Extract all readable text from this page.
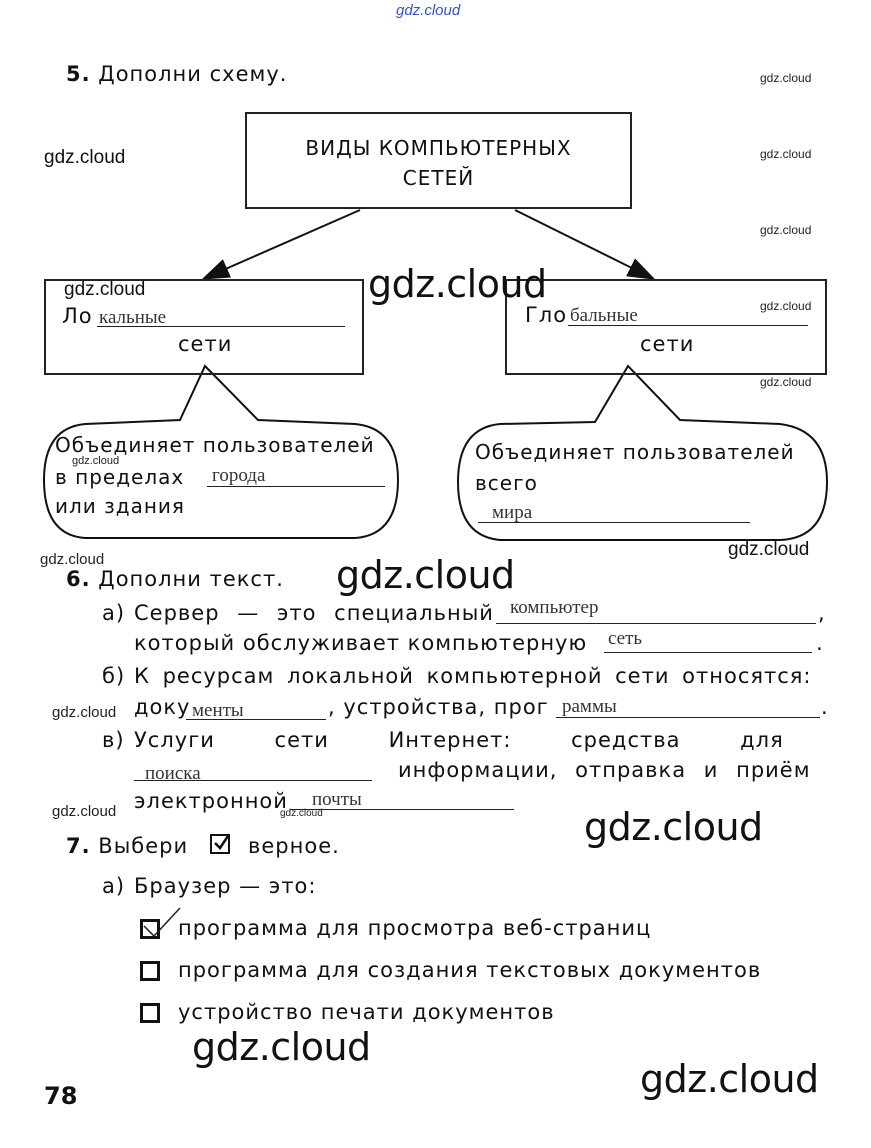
gdz.cloud
5. Дополни схему.
ВИДЫ КОМПЬЮТЕРНЫХ
СЕТЕЙ
Ло кальные
сети
Гло бальные
сети
Объединяет пользователей
в пределах города
или здания
Объединяет пользователей
всего
мира
6. Дополни текст.
а) Сервер — это специальный компьютер	,
который обслуживает компьютерную сеть	.
б) К ресурсам локальной компьютерной сети относятся:
доку менты	, устройства, прог раммы	.
в) Услуги сети Интернет: средства для
поиска	информации, отправка и приём
электронной почты
7. Выбери	верное.
а) Браузер — это:
программа для просмотра веб-страниц
программа для создания текстовых документов
устройство печати документов
78
gdz.cloud
gdz.cloud	gdz.cloud
gdz.cloud
gdz.cloud	gdz.cloud	gdz.cloud
gdz.cloud
gdz.cloud
gdz.cloud
gdz.cloud	gdz.cloud
gdz.cloud
gdz.cloud	gdz.cloud	gdz.cloud
gdz.cloud
gdz.cloud
